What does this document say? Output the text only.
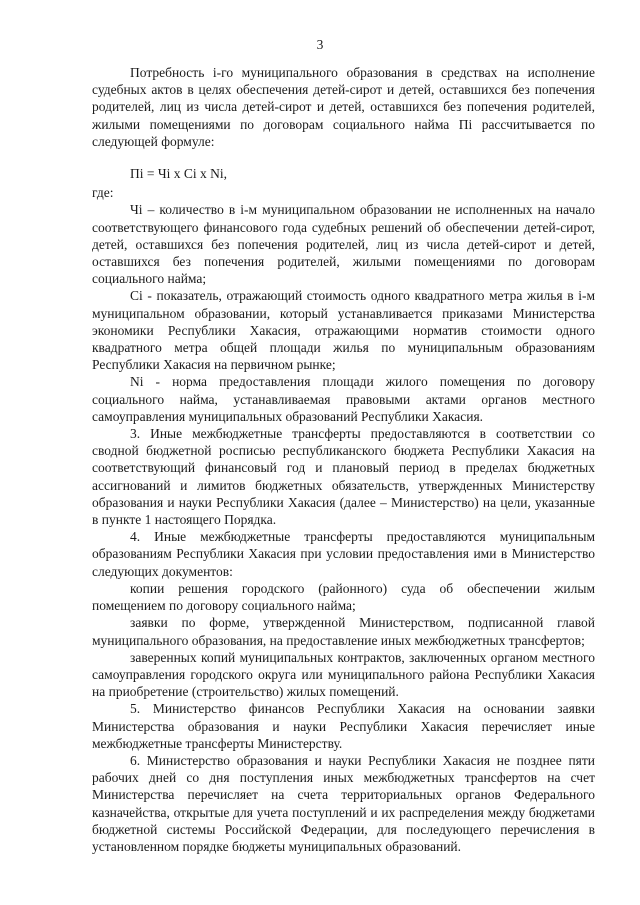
3

Потребность i-го муниципального образования в средствах на исполнение судебных актов в целях обеспечения детей-сирот и детей, оставшихся без попечения родителей, лиц из числа детей-сирот и детей, оставшихся без попечения родителей, жилыми помещениями по договорам социального найма Пi рассчитывается по следующей формуле:

Пi = Чi x Ci x Ni,

где:

Чi – количество в i-м муниципальном образовании не исполненных на начало соответствующего финансового года судебных решений об обеспечении детей-сирот, детей, оставшихся без попечения родителей, лиц из числа детей-сирот и детей, оставшихся без попечения родителей, жилыми помещениями по договорам социального найма;

Ci - показатель, отражающий стоимость одного квадратного метра жилья в i-м муниципальном образовании, который устанавливается приказами Министерства экономики Республики Хакасия, отражающими норматив стоимости одного квадратного метра общей площади жилья по муниципальным образованиям Республики Хакасия на первичном рынке;

Ni - норма предоставления площади жилого помещения по договору социального найма, устанавливаемая правовыми актами органов местного самоуправления муниципальных образований Республики Хакасия.

3. Иные межбюджетные трансферты предоставляются в соответствии со сводной бюджетной росписью республиканского бюджета Республики Хакасия на соответствующий финансовый год и плановый период в пределах бюджетных ассигнований и лимитов бюджетных обязательств, утвержденных Министерству образования и науки Республики Хакасия (далее – Министерство) на цели, указанные в пункте 1 настоящего Порядка.

4. Иные межбюджетные трансферты предоставляются муниципальным образованиям Республики Хакасия при условии предоставления ими в Министерство следующих документов:

копии решения городского (районного) суда об обеспечении жилым помещением по договору социального найма;

заявки по форме, утвержденной Министерством, подписанной главой муниципального образования, на предоставление иных межбюджетных трансфертов;

заверенных копий муниципальных контрактов, заключенных органом местного самоуправления городского округа или муниципального района Республики Хакасия на приобретение (строительство) жилых помещений.

5. Министерство финансов Республики Хакасия на основании заявки Министерства образования и науки Республики Хакасия перечисляет иные межбюджетные трансферты Министерству.

6. Министерство образования и науки Республики Хакасия не позднее пяти рабочих дней со дня поступления иных межбюджетных трансфертов на счет Министерства перечисляет на счета территориальных органов Федерального казначейства, открытые для учета поступлений и их распределения между бюджетами бюджетной системы Российской Федерации, для последующего перечисления в установленном порядке бюджеты муниципальных образований.
